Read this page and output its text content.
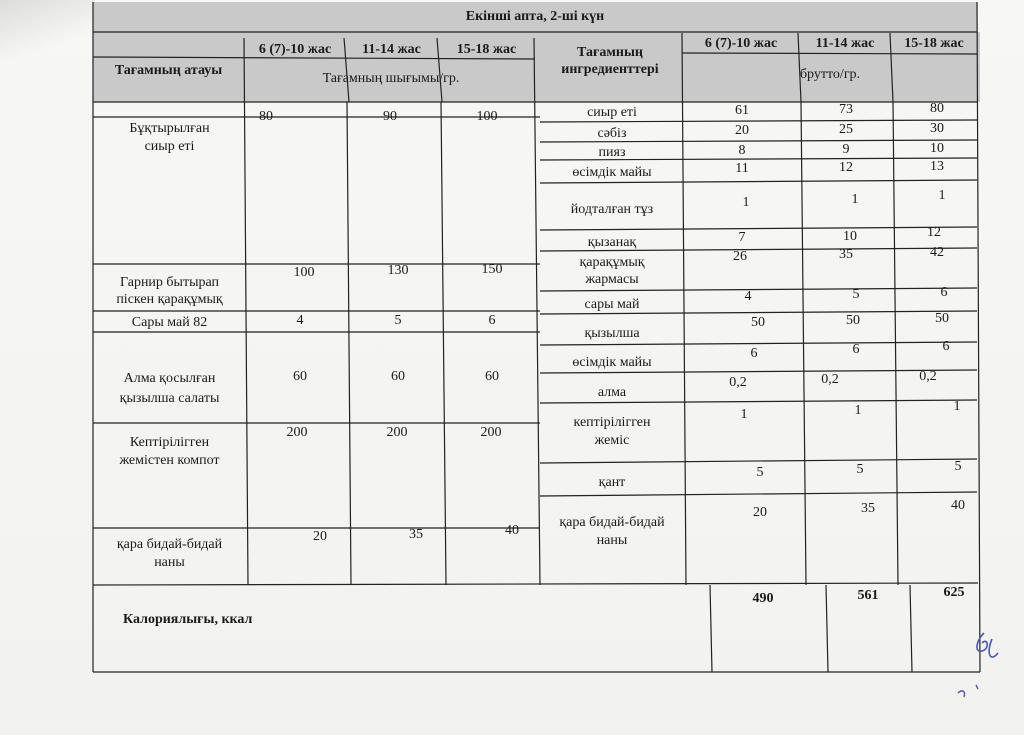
Екінші апта, 2-ші күн
Тағамның атауы
6 (7)-10 жас	11-14 жас	15-18 жас
Тағамның шығымы/гр.
Тағамның
ингредиенттері
6 (7)-10 жас	11-14 жас	15-18 жас
брутто/гр.
Бұқтырылған
сиыр еті
80	90	100
Гарнир бытырап
піскен қарақұмық
100	130	150
Сары май 82	4	5	6
Алма қосылған
қызылша салаты
60	60	60
Кептірілігген
жемістен компот
200	200	200
қара бидай-бидай
наны
20	35	40
сиыр еті	61	73	80
сәбіз	20	25	30
пияз	8	9	10
өсімдік майы	11	12	13
йодталған тұз	1	1	1
қызанақ	7	10	12
қарақұмық
жармасы
26	35	42
сары май
4	5	6
қызылша
50	50	50
өсімдік майы
6	6	6
алма
0,2	0,2	0,2
кептірілігген
жеміс
1	1	1
қант
5	5	5
қара бидай-бидай
наны
20	35	40
Калориялығы, ккал
490	561	625
